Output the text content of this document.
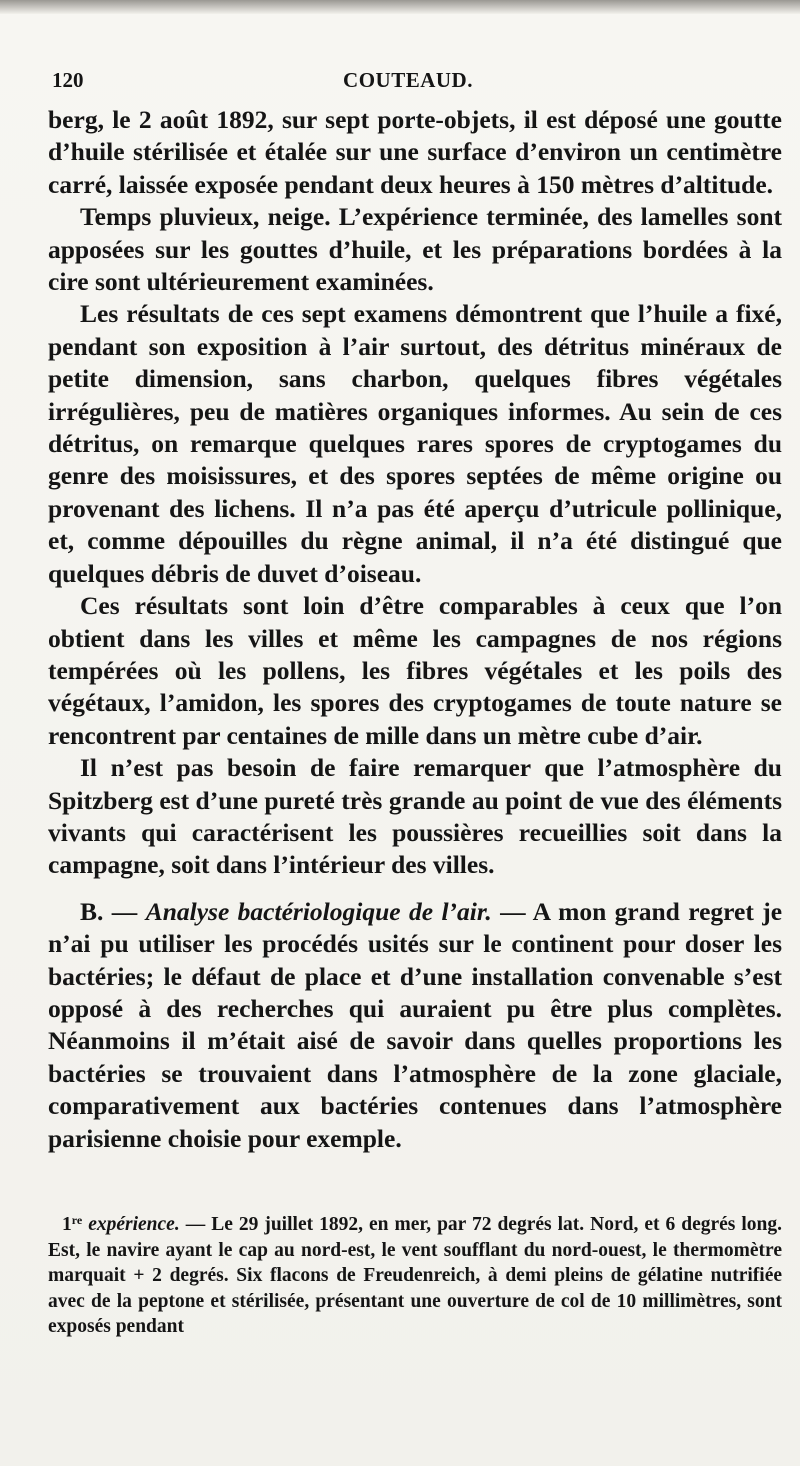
120	COUTEAUD.

berg, le 2 août 1892, sur sept porte-objets, il est déposé une goutte d’huile stérilisée et étalée sur une surface d’environ un centimètre carré, laissée exposée pendant deux heures à 150 mètres d’altitude.

Temps pluvieux, neige. L’expérience terminée, des lamelles sont apposées sur les gouttes d’huile, et les préparations bordées à la cire sont ultérieurement examinées.

Les résultats de ces sept examens démontrent que l’huile a fixé, pendant son exposition à l’air surtout, des détritus minéraux de petite dimension, sans charbon, quelques fibres végétales irrégulières, peu de matières organiques informes. Au sein de ces détritus, on remarque quelques rares spores de cryptogames du genre des moisissures, et des spores septées de même origine ou provenant des lichens. Il n’a pas été aperçu d’utricule pollinique, et, comme dépouilles du règne animal, il n’a été distingué que quelques débris de duvet d’oiseau.

Ces résultats sont loin d’être comparables à ceux que l’on obtient dans les villes et même les campagnes de nos régions tempérées où les pollens, les fibres végétales et les poils des végétaux, l’amidon, les spores des cryptogames de toute nature se rencontrent par centaines de mille dans un mètre cube d’air.

Il n’est pas besoin de faire remarquer que l’atmosphère du Spitzberg est d’une pureté très grande au point de vue des éléments vivants qui caractérisent les poussières recueillies soit dans la campagne, soit dans l’intérieur des villes.

B. — Analyse bactériologique de l’air. — A mon grand regret je n’ai pu utiliser les procédés usités sur le continent pour doser les bactéries; le défaut de place et d’une installation convenable s’est opposé à des recherches qui auraient pu être plus complètes. Néanmoins il m’était aisé de savoir dans quelles proportions les bactéries se trouvaient dans l’atmosphère de la zone glaciale, comparativement aux bactéries contenues dans l’atmosphère parisienne choisie pour exemple.

1re expérience. — Le 29 juillet 1892, en mer, par 72 degrés lat. Nord, et 6 degrés long. Est, le navire ayant le cap au nord-est, le vent soufflant du nord-ouest, le thermomètre marquait + 2 degrés. Six flacons de Freudenreich, à demi pleins de gélatine nutrifiée avec de la peptone et stérilisée, présentant une ouverture de col de 10 millimètres, sont exposés pendant
